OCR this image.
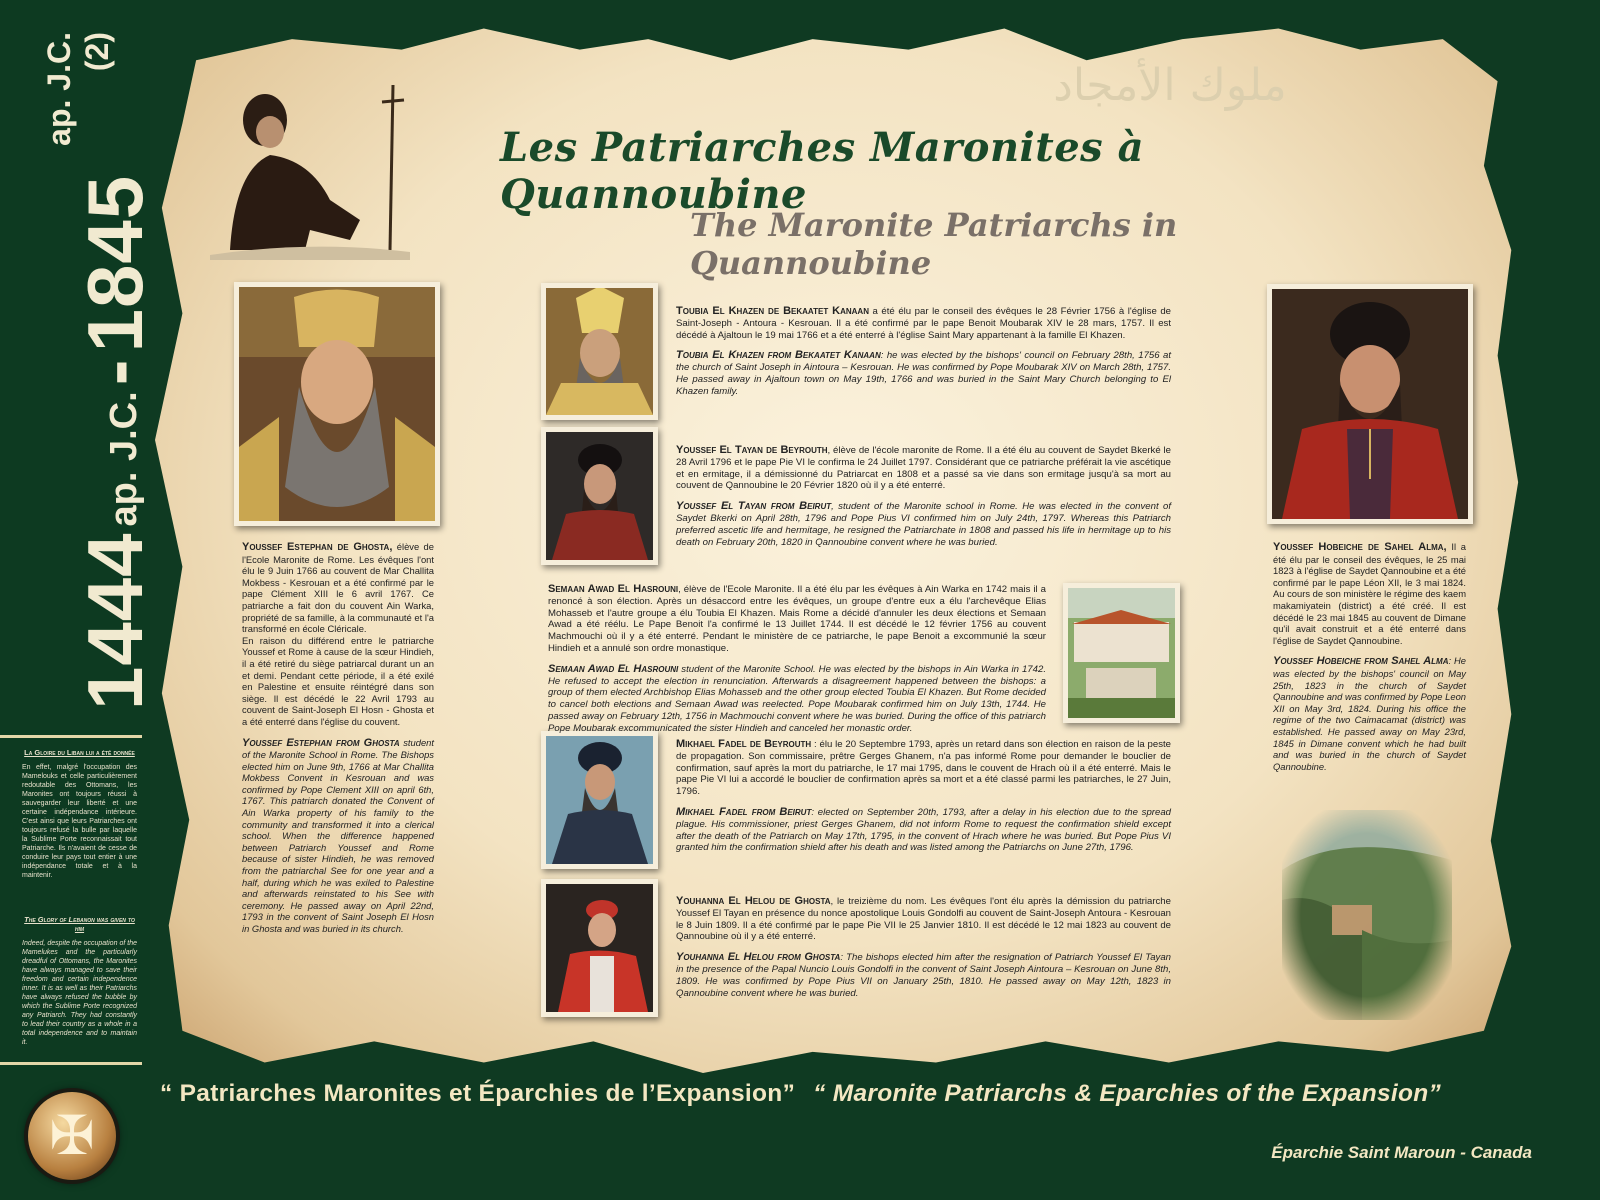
1444
ap. J.C.
-
1845
ap. J.C. (2)
La Gloire du Liban lui a été donnée
En effet, malgré l'occupation des Mamelouks et celle particulièrement redoutable des Ottomans, les Maronites ont toujours réussi à sauvegarder leur liberté et une certaine indépendance intérieure. C'est ainsi que leurs Patriarches ont toujours refusé la bulle par laquelle la Sublime Porte reconnaissait tout Patriarche. Ils n'avaient de cesse de conduire leur pays tout entier à une indépendance totale et à la maintenir.
The Glory of Lebanon was given to him
Indeed, despite the occupation of the Mamelukes and the particularly dreadful of Ottomans, the Maronites have always managed to save their freedom and certain independence inner. It is as well as their Patriarchs have always refused the bubble by which the Sublime Porte recognized any Patriarch. They had constantly to lead their country as a whole in a total independence and to maintain it.
✠
ملوك الأمجاد
Les Patriarches Maronites à Quannoubine
The Maronite Patriarchs in Quannoubine

Youssef Estephan de Ghosta, élève de l'Ecole Maronite de Rome. Les évêques l'ont élu le 9 Juin 1766 au couvent de Mar Challita Mokbess - Kesrouan et a été confirmé par le pape Clément XIII le 6 avril 1767. Ce patriarche a fait don du couvent Ain Warka, propriété de sa famille, à la communauté et l'a transformé en école Cléricale.

En raison du différend entre le patriarche Youssef et Rome à cause de la sœur Hindieh, il a été retiré du siège patriarcal durant un an et demi. Pendant cette période, il a été exilé en Palestine et ensuite réintégré dans son siège. Il est décédé le 22 Avril 1793 au couvent de Saint-Joseph El Hosn - Ghosta et a été enterré dans l'église du couvent.

Youssef Estephan from Ghosta student of the Maronite School in Rome. The Bishops elected him on June 9th, 1766 at Mar Challita Mokbess Convent in Kesrouan and was confirmed by Pope Clement XIII on april 6th, 1767. This patriarch donated the Convent of Ain Warka property of his family to the community and transformed it into a clerical school. When the difference happened between Patriarch Youssef and Rome because of sister Hindieh, he was removed from the patriarchal See for one year and a half, during which he was exiled to Palestine and afterwards reinstated to his See with ceremony. He passed away on April 22nd, 1793 in the convent of Saint Joseph El Hosn in Ghosta and was buried in its church.

Youssef Hobeiche de Sahel Alma, Il a été élu par le conseil des évêques, le 25 mai 1823 à l'église de Saydet Qannoubine et a été confirmé par le pape Léon XII, le 3 mai 1824. Au cours de son ministère le régime des kaem makamiyatein (district) a été créé. Il est décédé le 23 mai 1845 au couvent de Dimane qu'il avait construit et a été enterré dans l'église de Saydet Qannoubine.

Youssef Hobeiche from Sahel Alma: He was elected by the bishops' council on May 25th, 1823 in the church of Saydet Qannoubine and was confirmed by Pope Leon XII on May 3rd, 1824. During his office the regime of the two Caimacamat (district) was established. He passed away on May 23rd, 1845 in Dimane convent which he had built and was buried in the church of Saydet Qannoubine.

Toubia El Khazen de Bekaatet Kanaan a été élu par le conseil des évêques le 28 Février 1756 à l'église de Saint-Joseph - Antoura - Kesrouan. Il a été confirmé par le pape Benoit Moubarak XIV le 28 mars, 1757. Il est décédé à Ajaltoun le 19 mai 1766 et a été enterré à l'église Saint Mary appartenant à la famille El Khazen.

Toubia El Khazen from Bekaatet Kanaan: he was elected by the bishops' council on February 28th, 1756 at the church of Saint Joseph in Aintoura – Kesrouan. He was confirmed by Pope Moubarak XIV on March 28th, 1757. He passed away in Ajaltoun town on May 19th, 1766 and was buried in the Saint Mary Church belonging to El Khazen family.

Youssef El Tayan de Beyrouth, élève de l'école maronite de Rome. Il a été élu au couvent de Saydet Bkerké le 28 Avril 1796 et le pape Pie VI le confirma le 24 Juillet 1797. Considérant que ce patriarche préférait la vie ascétique et en ermitage, il a démissionné du Patriarcat en 1808 et a passé sa vie dans son ermitage jusqu'à sa mort au couvent de Qannoubine le 20 Février 1820 où il y a été enterré.

Youssef El Tayan from Beirut, student of the Maronite school in Rome. He was elected in the convent of Saydet Bkerki on April 28th, 1796 and Pope Pius VI confirmed him on July 24th, 1797. Whereas this Patriarch preferred ascetic life and hermitage, he resigned the Patriarchate in 1808 and passed his life in hermitage up to his death on February 20th, 1820 in Qannoubine convent where he was buried.

Semaan Awad El Hasrouni, élève de l'Ecole Maronite. Il a été élu par les évêques à Ain Warka en 1742 mais il a renoncé à son élection. Après un désaccord entre les évêques, un groupe d'entre eux a élu l'archevêque Elias Mohasseb et l'autre groupe a élu Toubia El Khazen. Mais Rome a décidé d'annuler les deux élections et Semaan Awad a été réélu. Le Pape Benoit l'a confirmé le 13 Juillet 1744. Il est décédé le 12 février 1756 au couvent Machmouchi où il y a été enterré. Pendant le ministère de ce patriarche, le pape Benoit a excommunié la sœur Hindieh et a annulé son ordre monastique.

Semaan Awad El Hasrouni student of the Maronite School. He was elected by the bishops in Ain Warka in 1742. He refused to accept the election in renunciation. Afterwards a disagreement happened between the bishops: a group of them elected Archbishop Elias Mohasseb and the other group elected Toubia El Khazen. But Rome decided to cancel both elections and Semaan Awad was reelected. Pope Moubarak confirmed him on July 13th, 1744. He passed away on February 12th, 1756 in Machmouchi convent where he was buried. During the office of this patriarch Pope Moubarak excommunicated the sister Hindieh and canceled her monastic order.

Mikhael Fadel de Beyrouth : élu le 20 Septembre 1793, après un retard dans son élection en raison de la peste de propagation. Son commissaire, prêtre Gerges Ghanem, n'a pas informé Rome pour demander le bouclier de confirmation, sauf après la mort du patriarche, le 17 mai 1795, dans le couvent de Hrach où il a été enterré. Mais le pape Pie VI lui a accordé le bouclier de confirmation après sa mort et a été classé parmi les patriarches, le 27 Juin, 1796.

Mikhael Fadel from Beirut: elected on September 20th, 1793, after a delay in his election due to the spread plague. His commissioner, priest Gerges Ghanem, did not inform Rome to request the confirmation shield except after the death of the Patriarch on May 17th, 1795, in the convent of Hrach where he was buried. But Pope Pius VI granted him the confirmation shield after his death and was listed among the Patriarchs on June 27th, 1796.

Youhanna El Helou de Ghosta, le treizième du nom. Les évêques l'ont élu après la démission du patriarche Youssef El Tayan en présence du nonce apostolique Louis Gondolfi au couvent de Saint-Joseph Antoura - Kesrouan le 8 Juin 1809. Il a été confirmé par le pape Pie VII le 25 Janvier 1810. Il est décédé le 12 mai 1823 au couvent de Qannoubine où il y a été enterré.

Youhanna El Helou from Ghosta: The bishops elected him after the resignation of Patriarch Youssef El Tayan in the presence of the Papal Nuncio Louis Gondolfi in the convent of Saint Joseph Aintoura – Kesrouan on June 8th, 1809. He was confirmed by Pope Pius VII on January 25th, 1810. He passed away on May 12th, 1823 in Qannoubine convent where he was buried.

“ Patriarches Maronites et Éparchies de l’Expansion” “ Maronite Patriarchs & Eparchies of the Expansion”
Éparchie Saint Maroun - Canada
